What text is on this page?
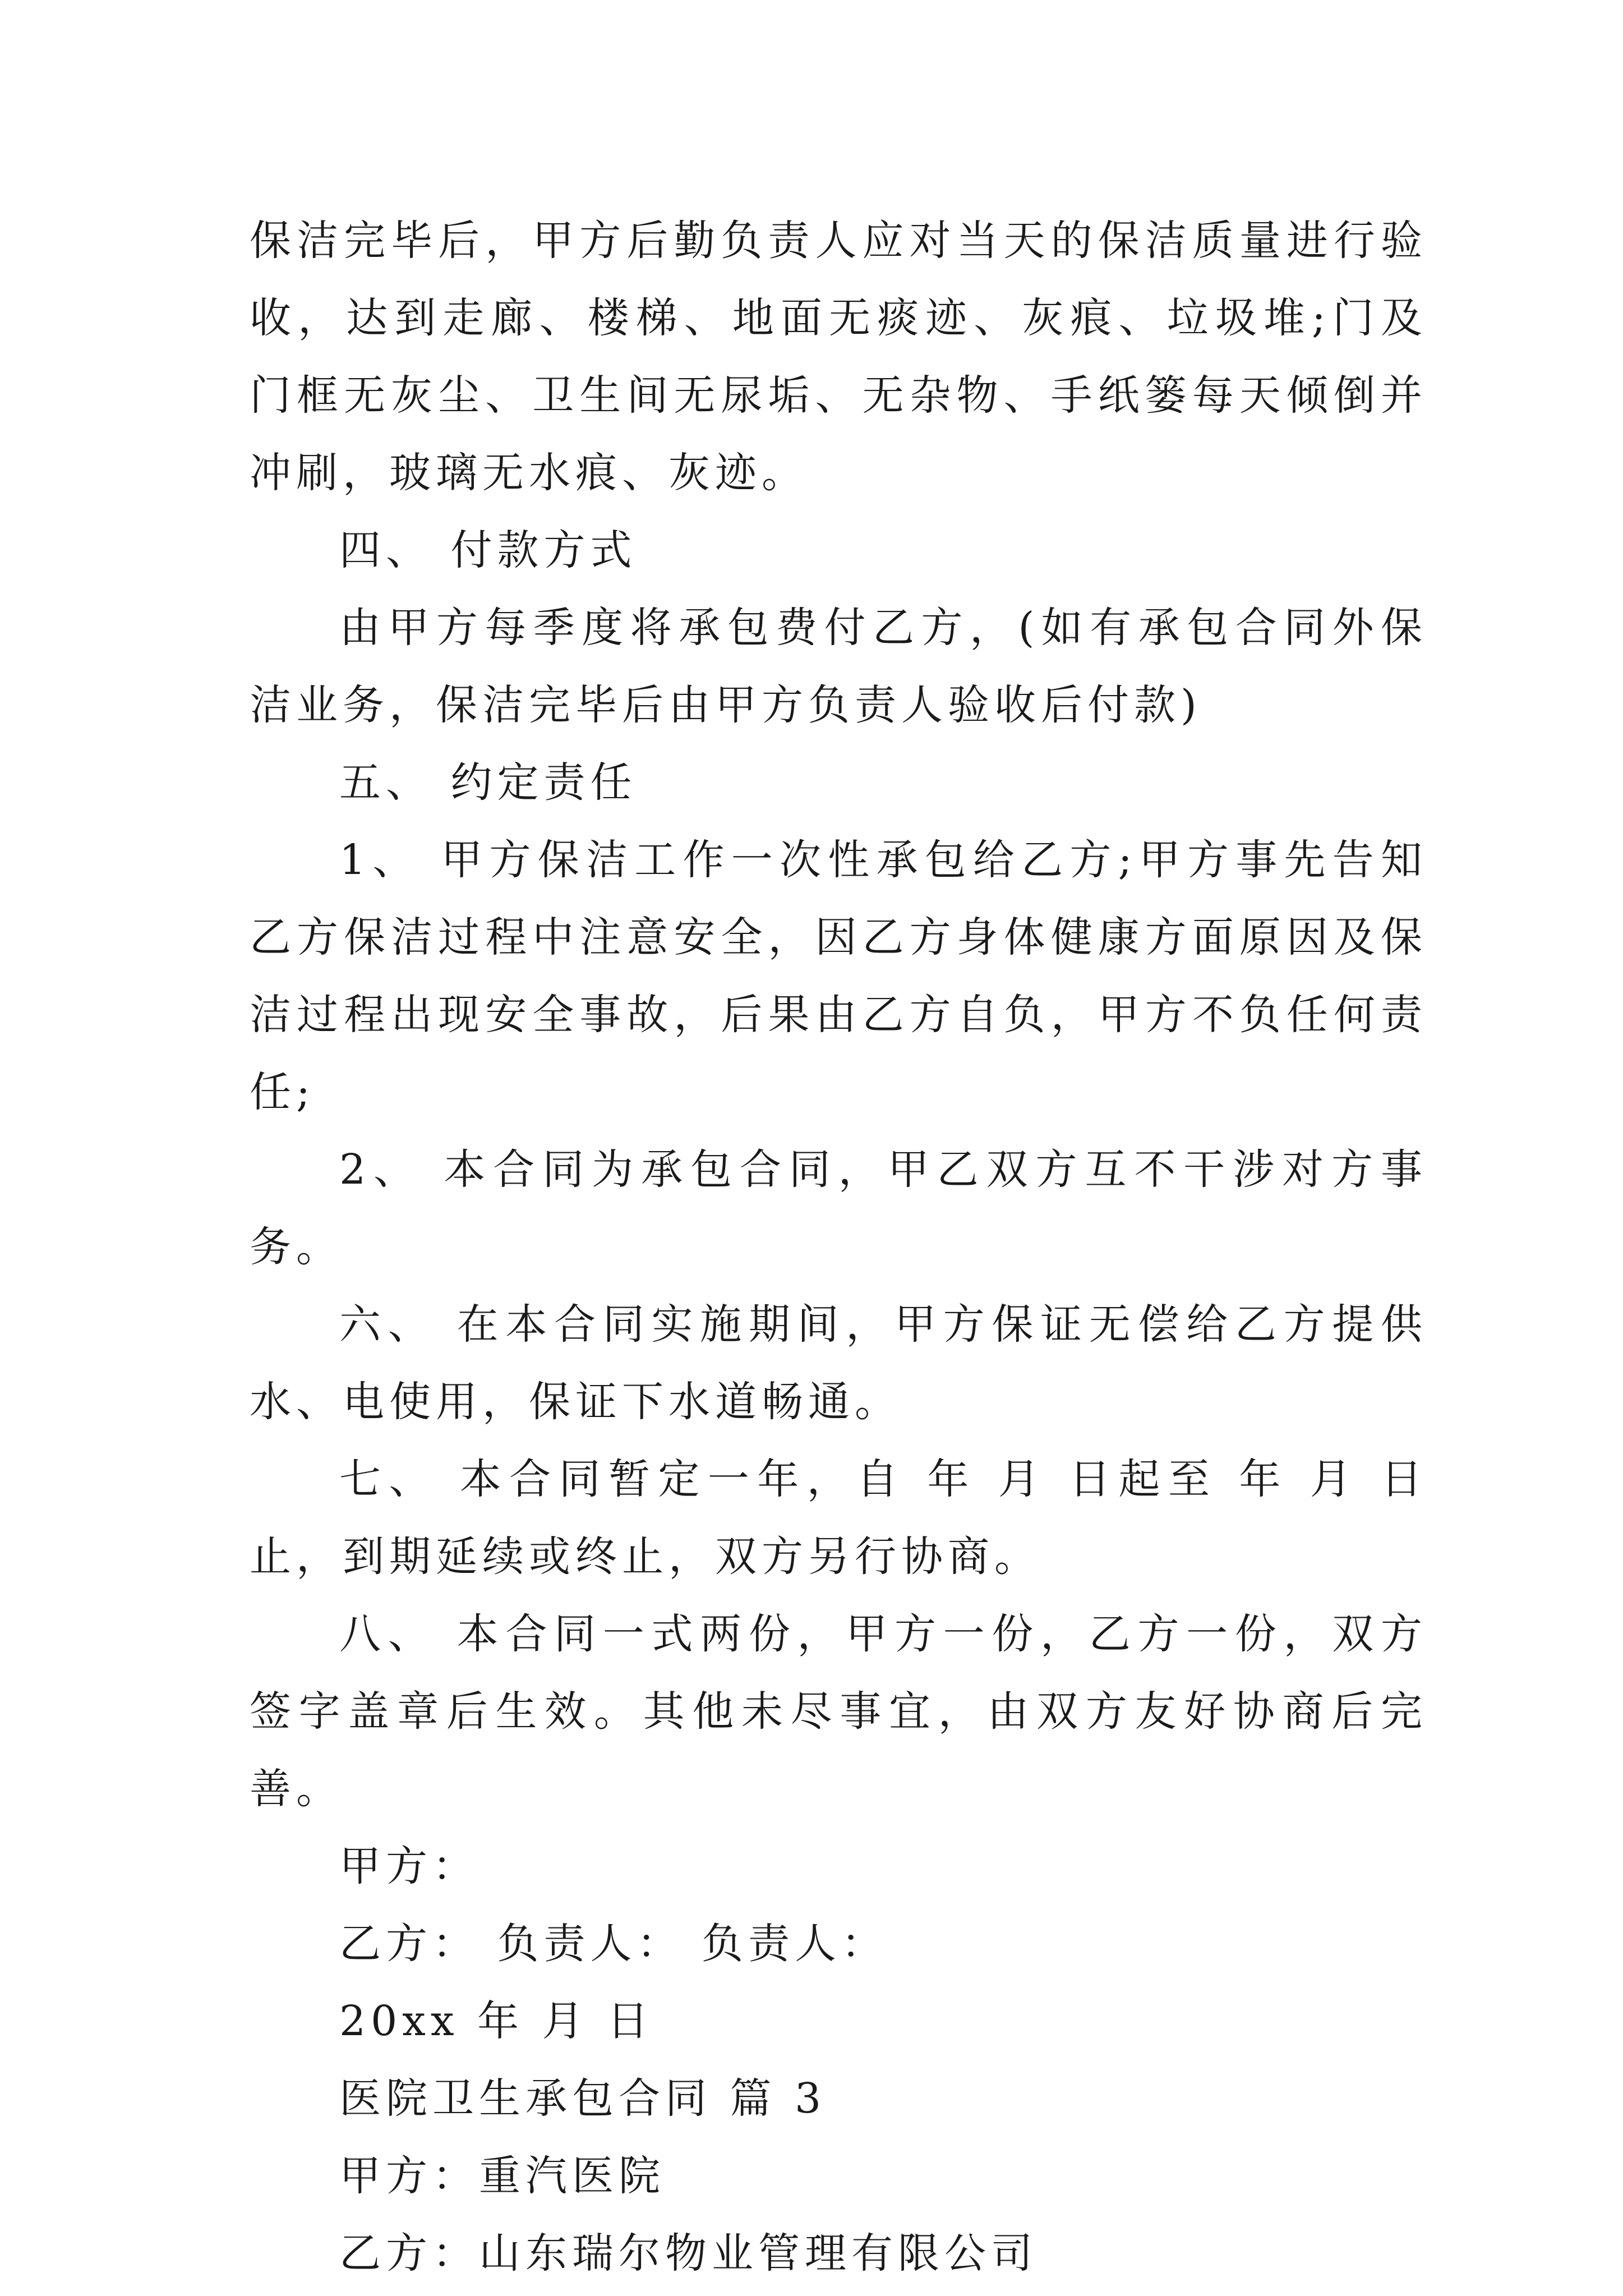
保洁完毕后，甲方后勤负责人应对当天的保洁质量进行验收，达到走廊、楼梯、地面无痰迹、灰痕、垃圾堆;门及门框无灰尘、卫生间无尿垢、无杂物、手纸篓每天倾倒并冲刷，玻璃无水痕、灰迹。

四、 付款方式

由甲方每季度将承包费付乙方，(如有承包合同外保洁业务，保洁完毕后由甲方负责人验收后付款)

五、 约定责任

1、 甲方保洁工作一次性承包给乙方;甲方事先告知乙方保洁过程中注意安全，因乙方身体健康方面原因及保洁过程出现安全事故，后果由乙方自负，甲方不负任何责任;

2、 本合同为承包合同，甲乙双方互不干涉对方事务。

六、 在本合同实施期间，甲方保证无偿给乙方提供水、电使用，保证下水道畅通。

七、 本合同暂定一年，自 年 月 日起至 年 月 日止，到期延续或终止，双方另行协商。

八、 本合同一式两份，甲方一份，乙方一份，双方签字盖章后生效。其他未尽事宜，由双方友好协商后完善。

甲方：

乙方： 负责人： 负责人：

20xx 年 月 日

医院卫生承包合同 篇 3

甲方：重汽医院

乙方：山东瑞尔物业管理有限公司
